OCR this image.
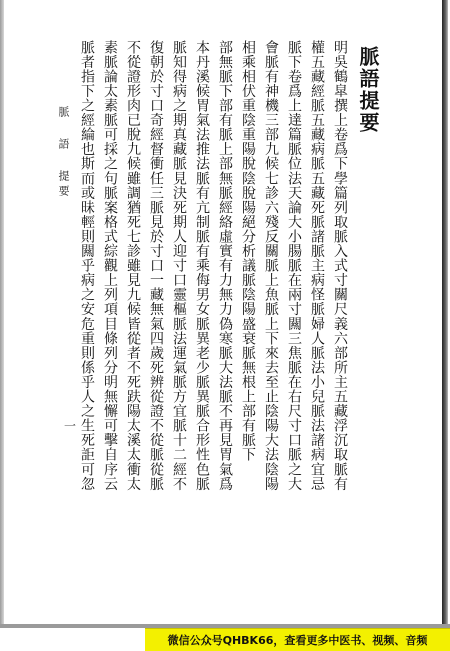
脈語提要
明吳鶴皐撰上卷爲下學篇列取脈入式寸關尺義六部所主五藏浮沉取脈有
權五藏經脈五藏病脈五藏死脈諸脈主病怪脈婦人脈法小兒脈法諸病宜忌
脈下卷爲上達篇脈位法天論大小腸脈在兩寸闗三焦脈在右尺寸口脈之大
會脈有神機三部九候七診六殘反關脈上魚脈上下來去至止陰陽大法陰陽
相乘相伏重陰重陽脫陰脫陽絕分析議脈陰陽盛衰脈無根上部有脈下
部無脈下部有脈上部無脈經絡虛實有力無力偽寒脈大法脈不再見胃氣爲
本丹溪候胃氣法推法脈有亢制脈有乘侮男女脈異老少脈異脈合形性色脈
脈知得病之期真藏脈見決死期人迎寸口靈樞脈法運氣脈方宜脈十二經不
復朝於寸口奇經督衝任三脈見於寸口一藏無氣四歲死辨從證不從脈從脈
不從證形肉已脫九候雖調猶死七診雖見九候皆從者不死趺陽太溪太衝太
素脈論太素脈可採之句脈案格式綜觀上列項目條列分明無懈可擊自序云
脈者指下之經綸也斯而或昧輕則闗乎病之安危重則係乎人之生死詎可忽
脈 語 提要
一
微信公众号QHBK66，查看更多中医书、视频、音频
